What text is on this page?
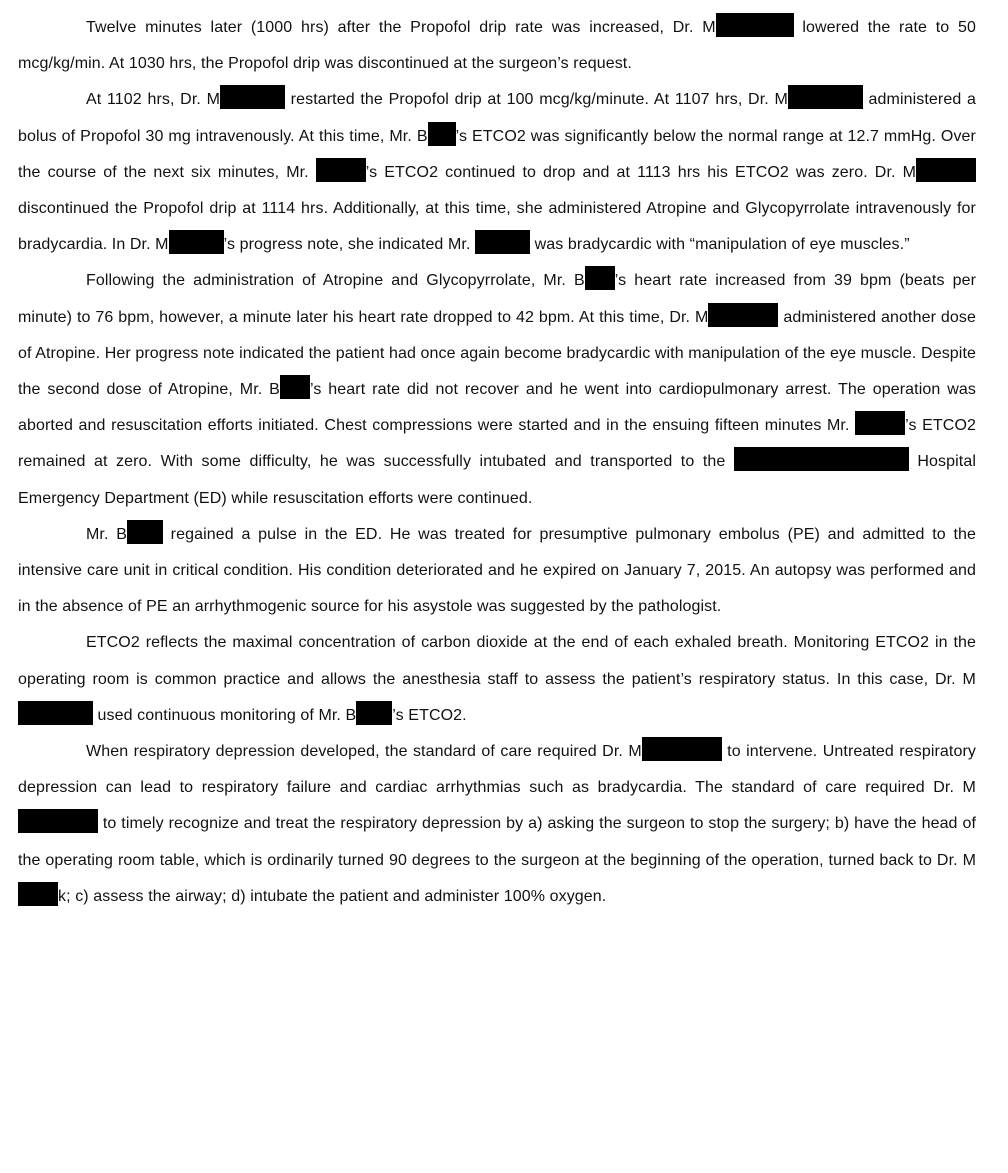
Twelve minutes later (1000 hrs) after the Propofol drip rate was increased, Dr. M	lowered the rate to 50 mcg/kg/min. At 1030 hrs, the Propofol drip was discontinued at the surgeon’s request.

At 1102 hrs, Dr. M	restarted the Propofol drip at 100 mcg/kg/minute. At 1107 hrs, Dr. M	administered a bolus of Propofol 30 mg intravenously. At this time, Mr. B ’s ETCO2 was significantly below the normal range at 12.7 mmHg. Over the course of the next six minutes, Mr.	’s ETCO2 continued to drop and at 1113 hrs his ETCO2 was zero. Dr. M discontinued the Propofol drip at 1114 hrs. Additionally, at this time, she administered Atropine and Glycopyrrolate intravenously for bradycardia. In Dr. M	’s progress note, she indicated Mr.	was bradycardic with “manipulation of eye muscles.”

Following the administration of Atropine and Glycopyrrolate, Mr. B ’s heart rate increased from 39 bpm (beats per minute) to 76 bpm, however, a minute later his heart rate dropped to 42 bpm. At this time, Dr. M	administered another dose of Atropine. Her progress note indicated the patient had once again become bradycardic with manipulation of the eye muscle. Despite the second dose of Atropine, Mr. B ’s heart rate did not recover and he went into cardiopulmonary arrest. The operation was aborted and resuscitation efforts initiated. Chest compressions were started and in the ensuing fifteen minutes Mr.	’s ETCO2 remained at zero. With some difficulty, he was successfully intubated and transported to the	Hospital Emergency Department (ED) while resuscitation efforts were continued.

Mr. B regained a pulse in the ED. He was treated for presumptive pulmonary embolus (PE) and admitted to the intensive care unit in critical condition. His condition deteriorated and he expired on January 7, 2015. An autopsy was performed and in the absence of PE an arrhythmogenic source for his asystole was suggested by the pathologist.

ETCO2 reflects the maximal concentration of carbon dioxide at the end of each exhaled breath. Monitoring ETCO2 in the operating room is common practice and allows the anesthesia staff to assess the patient’s respiratory status. In this case, Dr. M used continuous monitoring of Mr. B ’s ETCO2.

When respiratory depression developed, the standard of care required Dr. M	to intervene. Untreated respiratory depression can lead to respiratory failure and cardiac arrhythmias such as bradycardia. The standard of care required Dr. M to timely recognize and treat the respiratory depression by a) asking the surgeon to stop the surgery; b) have the head of the operating room table, which is ordinarily turned 90 degrees to the surgeon at the beginning of the operation, turned back to Dr. Mk; c) assess the airway; d) intubate the patient and administer 100% oxygen.
